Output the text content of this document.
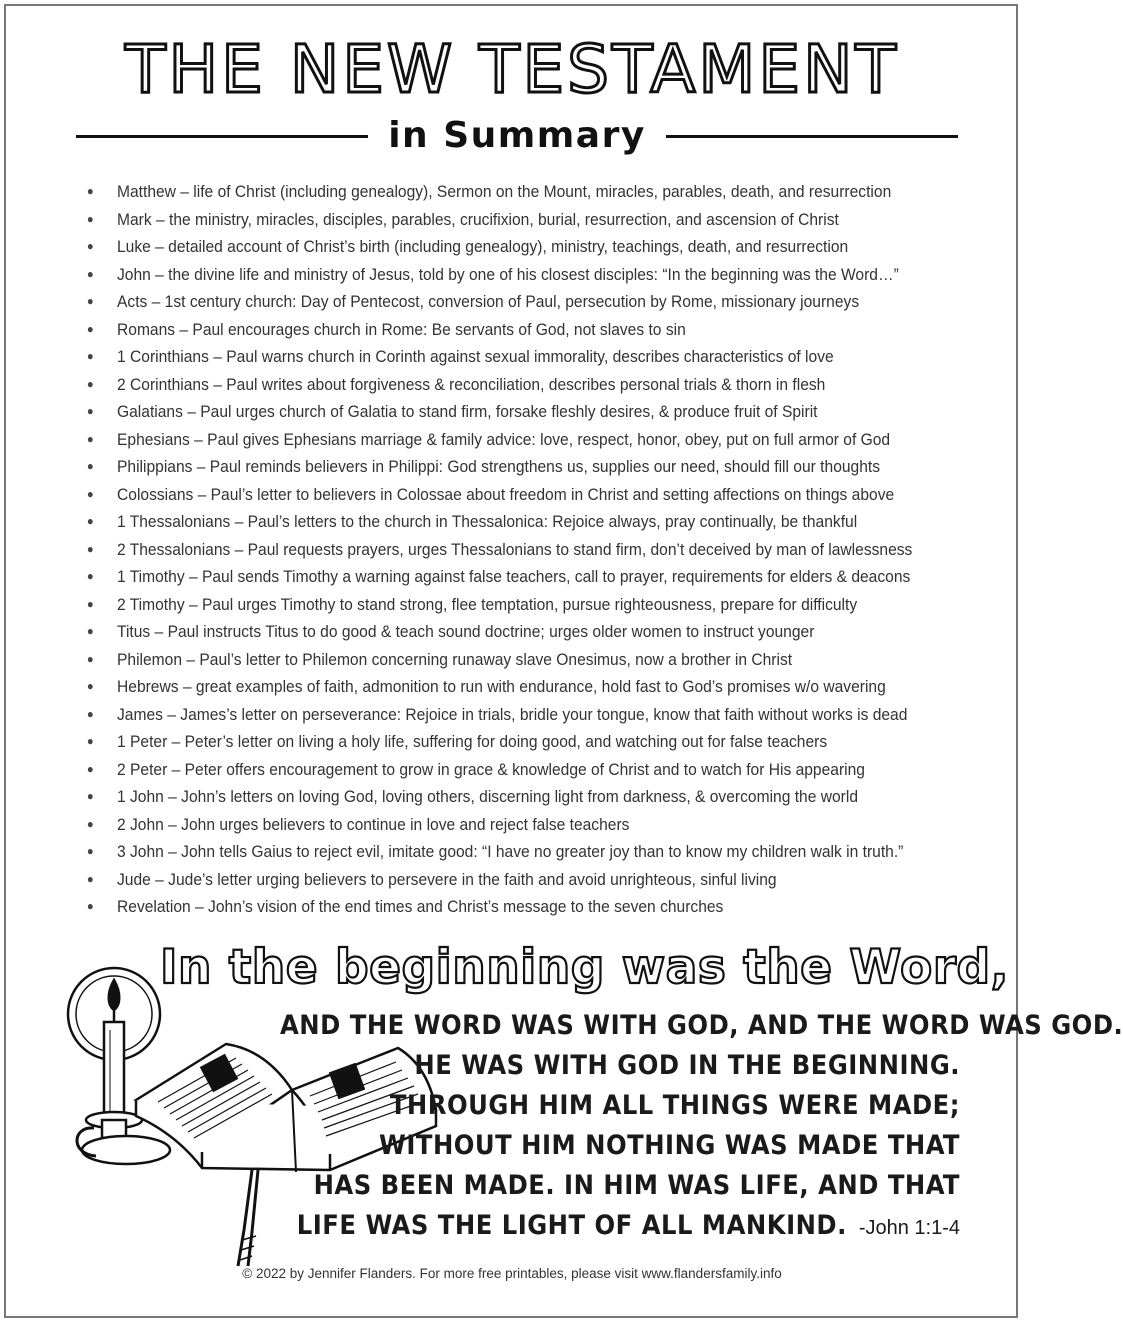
THE NEW TESTAMENT
in Summary
● Matthew – life of Christ (including genealogy), Sermon on the Mount, miracles, parables, death, and resurrection
● Mark – the ministry, miracles, disciples, parables, crucifixion, burial, resurrection, and ascension of Christ
● Luke – detailed account of Christ’s birth (including genealogy), ministry, teachings, death, and resurrection
● John – the divine life and ministry of Jesus, told by one of his closest disciples: “In the beginning was the Word…”
● Acts – 1st century church: Day of Pentecost, conversion of Paul, persecution by Rome, missionary journeys
● Romans – Paul encourages church in Rome: Be servants of God, not slaves to sin
● 1 Corinthians – Paul warns church in Corinth against sexual immorality, describes characteristics of love
● 2 Corinthians – Paul writes about forgiveness & reconciliation, describes personal trials & thorn in flesh
● Galatians – Paul urges church of Galatia to stand firm, forsake fleshly desires, & produce fruit of Spirit
● Ephesians – Paul gives Ephesians marriage & family advice: love, respect, honor, obey, put on full armor of God
● Philippians – Paul reminds believers in Philippi: God strengthens us, supplies our need, should fill our thoughts
● Colossians – Paul’s letter to believers in Colossae about freedom in Christ and setting affections on things above
● 1 Thessalonians – Paul’s letters to the church in Thessalonica: Rejoice always, pray continually, be thankful
● 2 Thessalonians – Paul requests prayers, urges Thessalonians to stand firm, don’t deceived by man of lawlessness
● 1 Timothy – Paul sends Timothy a warning against false teachers, call to prayer, requirements for elders & deacons
● 2 Timothy – Paul urges Timothy to stand strong, flee temptation, pursue righteousness, prepare for difficulty
● Titus – Paul instructs Titus to do good & teach sound doctrine; urges older women to instruct younger
● Philemon – Paul’s letter to Philemon concerning runaway slave Onesimus, now a brother in Christ
● Hebrews – great examples of faith, admonition to run with endurance, hold fast to God’s promises w/o wavering
● James – James’s letter on perseverance: Rejoice in trials, bridle your tongue, know that faith without works is dead
● 1 Peter – Peter’s letter on living a holy life, suffering for doing good, and watching out for false teachers
● 2 Peter – Peter offers encouragement to grow in grace & knowledge of Christ and to watch for His appearing
● 1 John – John’s letters on loving God, loving others, discerning light from darkness, & overcoming the world
● 2 John – John urges believers to continue in love and reject false teachers
● 3 John – John tells Gaius to reject evil, imitate good: “I have no greater joy than to know my children walk in truth.”
● Jude – Jude’s letter urging believers to persevere in the faith and avoid unrighteous, sinful living
● Revelation – John’s vision of the end times and Christ’s message to the seven churches
In the beginning was the Word,
AND THE WORD WAS WITH GOD, AND THE WORD WAS GOD.
HE WAS WITH GOD IN THE BEGINNING.
THROUGH HIM ALL THINGS WERE MADE;
WITHOUT HIM NOTHING WAS MADE THAT
HAS BEEN MADE. IN HIM WAS LIFE, AND THAT
LIFE WAS THE LIGHT OF ALL MANKIND. -John 1:1-4
© 2022 by Jennifer Flanders. For more free printables, please visit www.flandersfamily.info
